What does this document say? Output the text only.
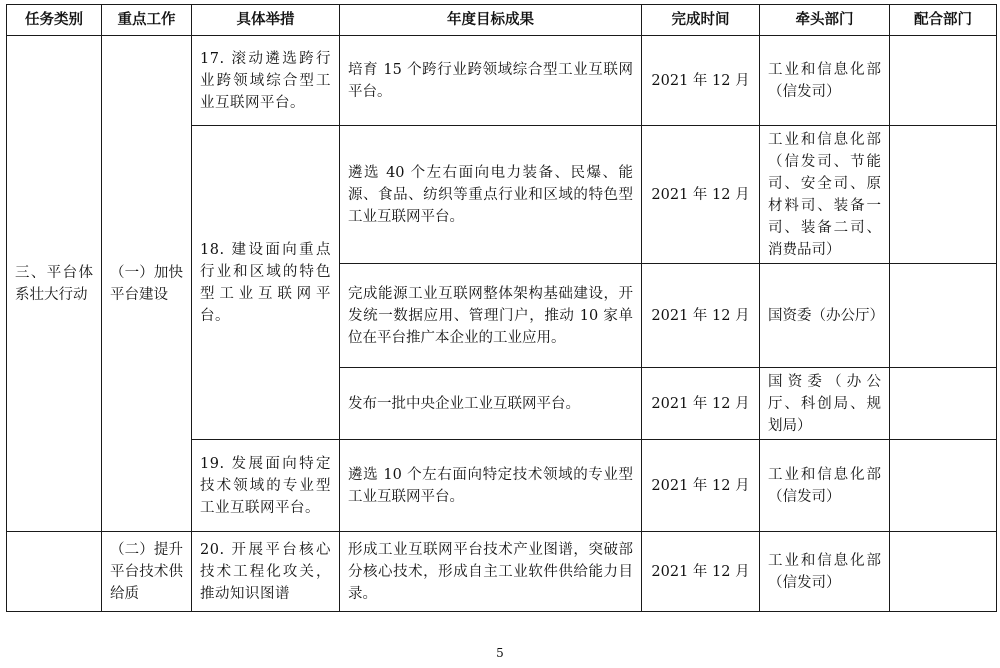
任务类别	重点工作	具体举措	年度目标成果	完成时间	牵头部门	配合部门
三、平台体系壮大行动	（一）加快平台建设	17. 滚动遴选跨行业跨领域综合型工业互联网平台。	培育 15 个跨行业跨领域综合型工业互联网平台。	2021 年 12 月	工业和信息化部（信发司）	
		18. 建设面向重点行业和区域的特色型工业互联网平台。	遴选 40 个左右面向电力装备、民爆、能源、食品、纺织等重点行业和区域的特色型工业互联网平台。	2021 年 12 月	工业和信息化部（信发司、节能司、安全司、原材料司、装备一司、装备二司、消费品司）	
			完成能源工业互联网整体架构基础建设，开发统一数据应用、管理门户，推动 10 家单位在平台推广本企业的工业应用。	2021 年 12 月	国资委（办公厅）	
			发布一批中央企业工业互联网平台。	2021 年 12 月	国资委（办公厅、科创局、规划局）	
		19. 发展面向特定技术领域的专业型工业互联网平台。	遴选 10 个左右面向特定技术领域的专业型工业互联网平台。	2021 年 12 月	工业和信息化部（信发司）	
	（二）提升平台技术供给质	20. 开展平台核心技术工程化攻关，推动知识图谱	形成工业互联网平台技术产业图谱，突破部分核心技术，形成自主工业软件供给能力目录。	2021 年 12 月	工业和信息化部（信发司）	
5
